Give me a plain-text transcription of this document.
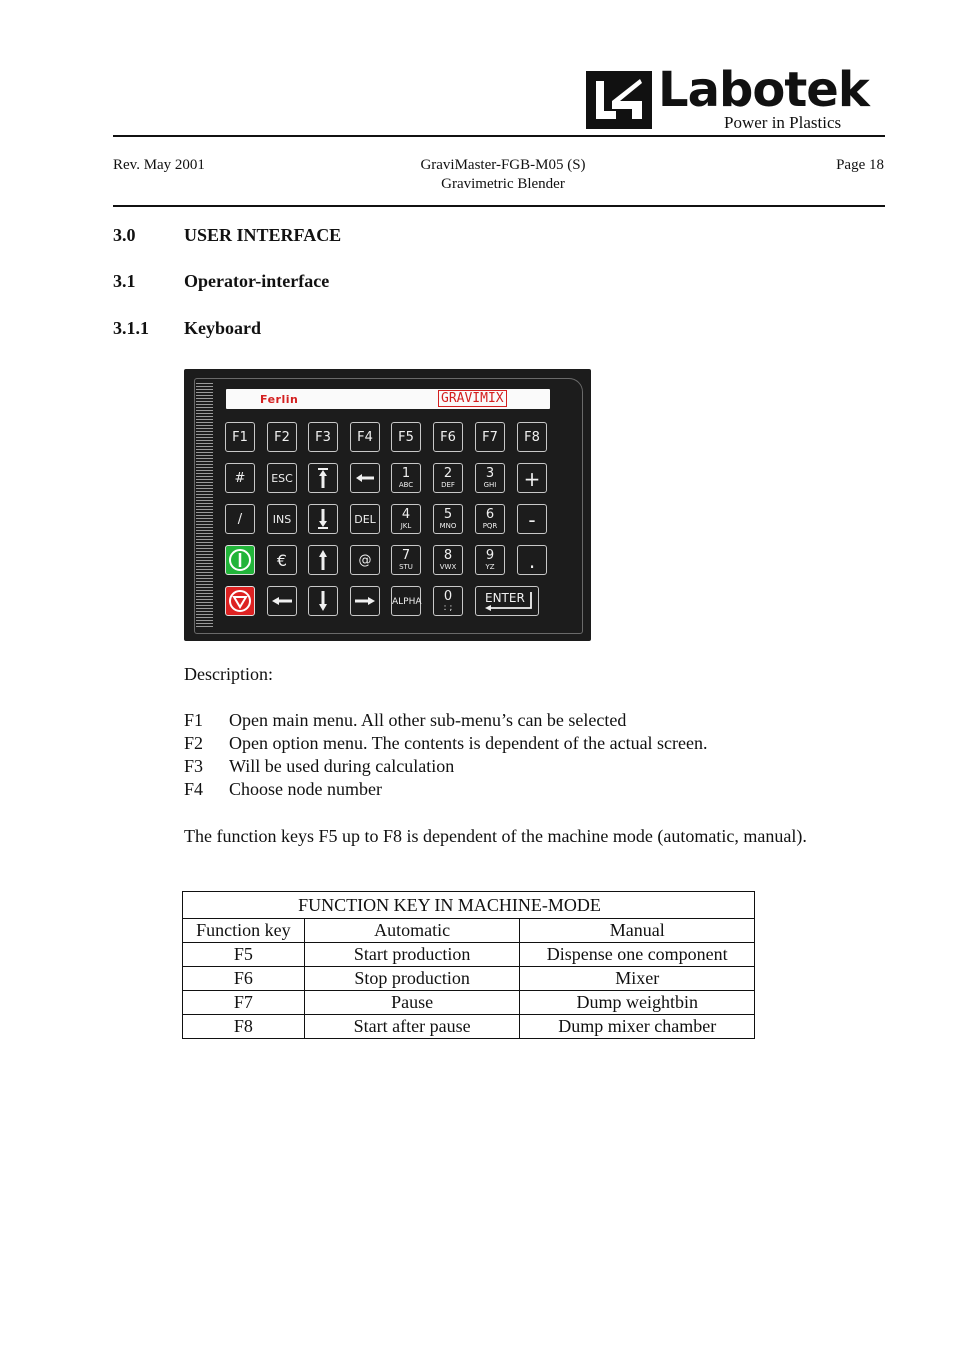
Labotek
Power in Plastics
Rev. May 2001	GraviMaster-FGB-M05 (S)
Gravimetric Blender
Page 18
3.0	USER INTERFACE
3.1	Operator-interface
3.1.1 Keyboard
Ferlin	GRAVIMIX
F1	F2	F3	F4	F5	F6	F7	F8
#	ESC	1
ABC
2
DEF
3
GHI	+
/	INS	DEL	4
JKL
5
MNO
6
PQR	-
€	@	7
STU
8
VWX
9
YZ	.
ALPHA	0
: ;
ENTER
Description:
F1 Open main menu. All other sub-menu’s can be selected
F2 Open option menu. The contents is dependent of the actual screen.
F3 Will be used during calculation
F4 Choose node number
The function keys F5 up to F8 is dependent of the machine mode (automatic, manual).
FUNCTION KEY IN MACHINE-MODE		
Function key	Automatic	Manual
F5	Start production	Dispense one component
F6	Stop production	Mixer
F7	Pause	Dump weightbin
F8	Start after pause	Dump mixer chamber
